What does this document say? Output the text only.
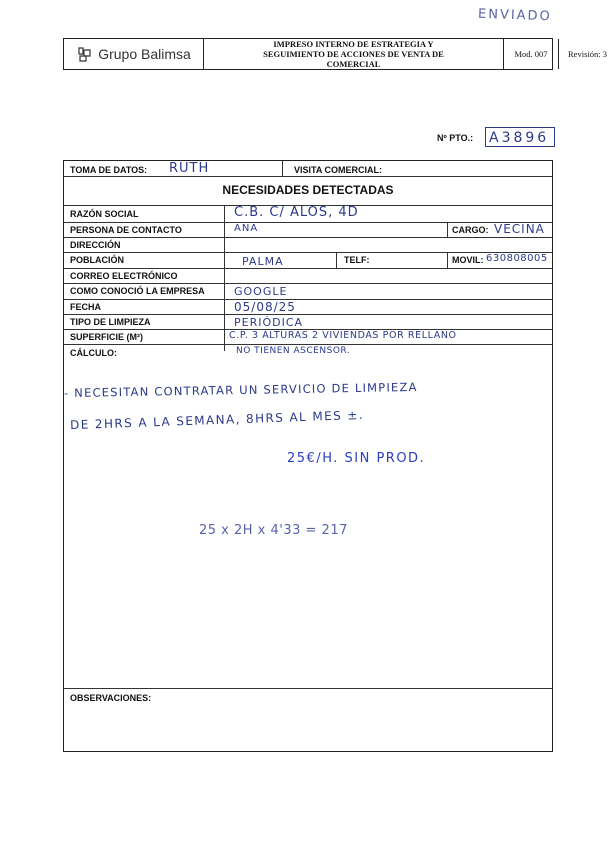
ENVIADO
Grupo Balimsa
IMPRESO INTERNO DE ESTRATEGIA Y
SEGUIMIENTO DE ACCIONES DE VENTA DE
COMERCIAL
Mod. 007	Revisión: 3
Nº PTO.: A3896
TOMA DE DATOS: RUTH	VISITA COMERCIAL:
NECESIDADES DETECTADAS
RAZÓN SOCIAL	C.B. C/ ALOS, 4D
PERSONA DE CONTACTO	ANA	CARGO: VECINA
DIRECCIÓN
POBLACIÓN	PALMA	TELF:	MOVIL: 630808005
CORREO ELECTRÓNICO
COMO CONOCIÓ LA EMPRESA	GOOGLE
FECHA	05/08/25
TIPO DE LIMPIEZA	PERIÓDICA
SUPERFICIE (M²)	C.P. 3 ALTURAS 2 VIVIENDAS POR RELLANO
CÁLCULO:	NO TIENEN ASCENSOR.
- NECESITAN CONTRATAR UN SERVICIO DE LIMPIEZA
DE 2HRS A LA SEMANA, 8HRS AL MES ±.
25€/H. SIN PROD.
25 x 2H x 4'33 = 217
OBSERVACIONES:
